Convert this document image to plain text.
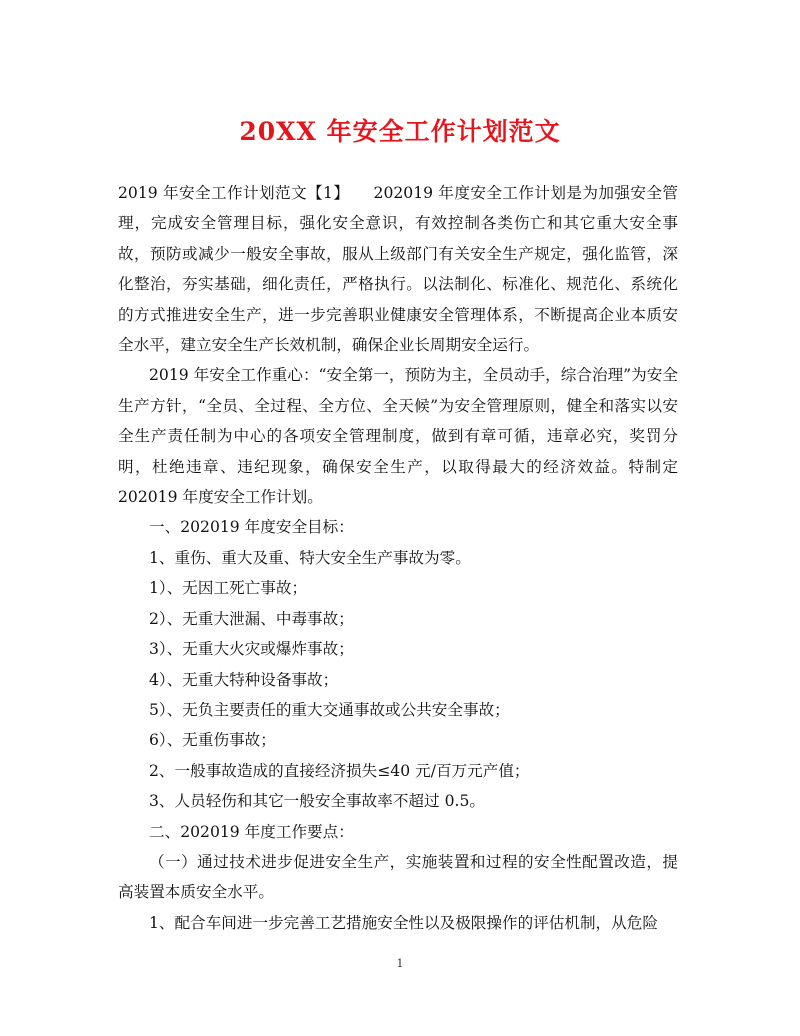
20XX 年安全工作计划范文

2019 年安全工作计划范文【1】　　202019 年度安全工作计划是为加强安全管理，完成安全管理目标，强化安全意识，有效控制各类伤亡和其它重大安全事故，预防或减少一般安全事故，服从上级部门有关安全生产规定，强化监管，深化整治，夯实基础，细化责任，严格执行。以法制化、标准化、规范化、系统化的方式推进安全生产，进一步完善职业健康安全管理体系，不断提高企业本质安全水平，建立安全生产长效机制，确保企业长周期安全运行。

2019 年安全工作重心：“安全第一，预防为主，全员动手，综合治理”为安全生产方针，“全员、全过程、全方位、全天候”为安全管理原则，健全和落实以安全生产责任制为中心的各项安全管理制度，做到有章可循，违章必究，奖罚分明，杜绝违章、违纪现象，确保安全生产，以取得最大的经济效益。特制定 202019 年度安全工作计划。

一、202019 年度安全目标：

1、重伤、重大及重、特大安全生产事故为零。

1）、无因工死亡事故；

2）、无重大泄漏、中毒事故；

3）、无重大火灾或爆炸事故；

4）、无重大特种设备事故；

5）、无负主要责任的重大交通事故或公共安全事故；

6）、无重伤事故；

2、一般事故造成的直接经济损失≤40 元/百万元产值；

3、人员轻伤和其它一般安全事故率不超过 0.5。

二、202019 年度工作要点：

（一）通过技术进步促进安全生产，实施装置和过程的安全性配置改造，提高装置本质安全水平。

1、配合车间进一步完善工艺措施安全性以及极限操作的评估机制，从危险

1
